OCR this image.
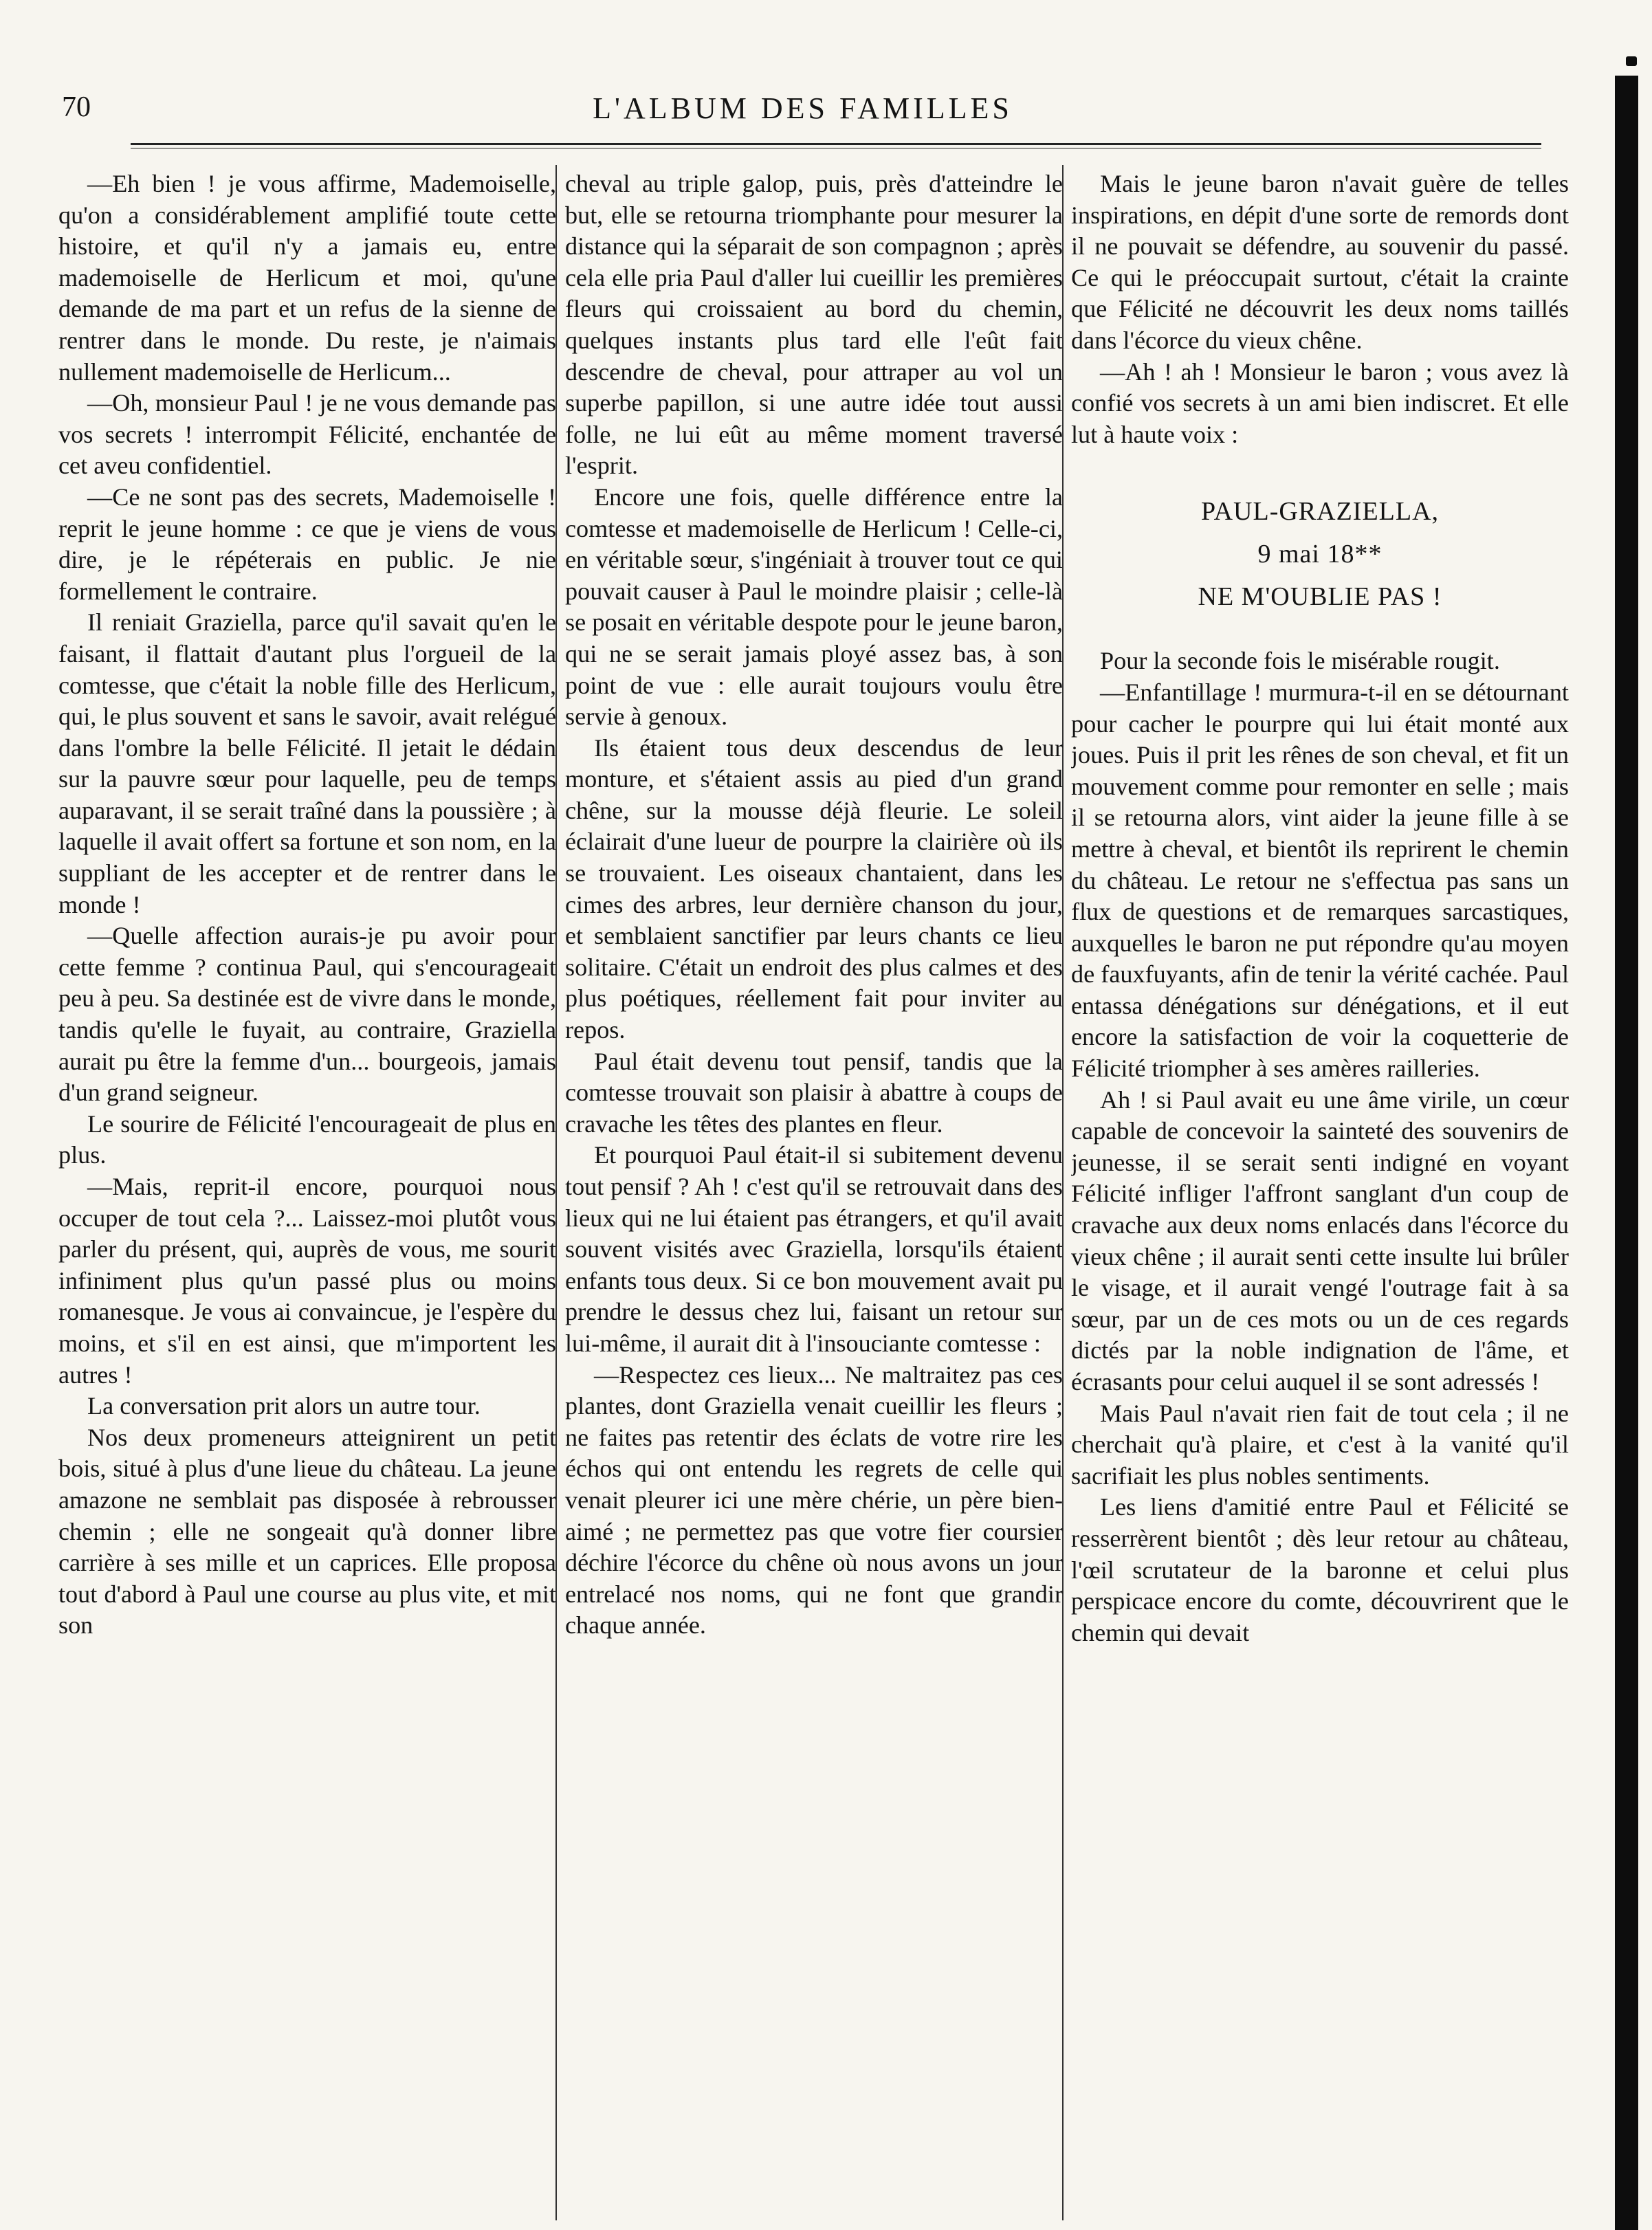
70	L'ALBUM DES FAMILLES

—Eh bien ! je vous affirme, Mademoiselle, qu'on a considérablement amplifié toute cette histoire, et qu'il n'y a jamais eu, entre mademoiselle de Herlicum et moi, qu'une demande de ma part et un refus de la sienne de rentrer dans le monde. Du reste, je n'aimais nullement mademoiselle de Herlicum...

—Oh, monsieur Paul ! je ne vous demande pas vos secrets ! interrompit Félicité, enchantée de cet aveu confidentiel.

—Ce ne sont pas des secrets, Mademoiselle ! reprit le jeune homme : ce que je viens de vous dire, je le répéterais en public. Je nie formellement le contraire.

Il reniait Graziella, parce qu'il savait qu'en le faisant, il flattait d'autant plus l'orgueil de la comtesse, que c'était la noble fille des Herlicum, qui, le plus souvent et sans le savoir, avait relégué dans l'ombre la belle Félicité. Il jetait le dédain sur la pauvre sœur pour laquelle, peu de temps auparavant, il se serait traîné dans la poussière ; à laquelle il avait offert sa fortune et son nom, en la suppliant de les accepter et de rentrer dans le monde !

—Quelle affection aurais-je pu avoir pour cette femme ? continua Paul, qui s'encourageait peu à peu. Sa destinée est de vivre dans le monde, tandis qu'elle le fuyait, au contraire, Graziella aurait pu être la femme d'un... bourgeois, jamais d'un grand seigneur.

Le sourire de Félicité l'encourageait de plus en plus.

—Mais, reprit-il encore, pourquoi nous occuper de tout cela ?... Laissez-moi plutôt vous parler du présent, qui, auprès de vous, me sourit infiniment plus qu'un passé plus ou moins romanesque. Je vous ai convaincue, je l'espère du moins, et s'il en est ainsi, que m'importent les autres !

La conversation prit alors un autre tour.

Nos deux promeneurs atteignirent un petit bois, situé à plus d'une lieue du château. La jeune amazone ne semblait pas disposée à rebrousser chemin ; elle ne songeait qu'à donner libre carrière à ses mille et un caprices. Elle proposa tout d'abord à Paul une course au plus vite, et mit son

cheval au triple galop, puis, près d'atteindre le but, elle se retourna triomphante pour mesurer la distance qui la séparait de son compagnon ; après cela elle pria Paul d'aller lui cueillir les premières fleurs qui croissaient au bord du chemin, quelques instants plus tard elle l'eût fait descendre de cheval, pour attraper au vol un superbe papillon, si une autre idée tout aussi folle, ne lui eût au même moment traversé l'esprit.

Encore une fois, quelle différence entre la comtesse et mademoiselle de Herlicum ! Celle-ci, en véritable sœur, s'ingéniait à trouver tout ce qui pouvait causer à Paul le moindre plaisir ; celle-là se posait en véritable despote pour le jeune baron, qui ne se serait jamais ployé assez bas, à son point de vue : elle aurait toujours voulu être servie à genoux.

Ils étaient tous deux descendus de leur monture, et s'étaient assis au pied d'un grand chêne, sur la mousse déjà fleurie. Le soleil éclairait d'une lueur de pourpre la clairière où ils se trouvaient. Les oiseaux chantaient, dans les cimes des arbres, leur dernière chanson du jour, et semblaient sanctifier par leurs chants ce lieu solitaire. C'était un endroit des plus calmes et des plus poétiques, réellement fait pour inviter au repos.

Paul était devenu tout pensif, tandis que la comtesse trouvait son plaisir à abattre à coups de cravache les têtes des plantes en fleur.

Et pourquoi Paul était-il si subitement devenu tout pensif ? Ah ! c'est qu'il se retrouvait dans des lieux qui ne lui étaient pas étrangers, et qu'il avait souvent visités avec Graziella, lorsqu'ils étaient enfants tous deux. Si ce bon mouvement avait pu prendre le dessus chez lui, faisant un retour sur lui-même, il aurait dit à l'insouciante comtesse :

—Respectez ces lieux... Ne maltraitez pas ces plantes, dont Graziella venait cueillir les fleurs ; ne faites pas retentir des éclats de votre rire les échos qui ont entendu les regrets de celle qui venait pleurer ici une mère chérie, un père bien-aimé ; ne permettez pas que votre fier coursier déchire l'écorce du chêne où nous avons un jour entrelacé nos noms, qui ne font que grandir chaque année.

Mais le jeune baron n'avait guère de telles inspirations, en dépit d'une sorte de remords dont il ne pouvait se défendre, au souvenir du passé. Ce qui le préoccupait surtout, c'était la crainte que Félicité ne découvrit les deux noms taillés dans l'écorce du vieux chêne.

—Ah ! ah ! Monsieur le baron ; vous avez là confié vos secrets à un ami bien indiscret. Et elle lut à haute voix :

PAUL-GRAZIELLA,

9 mai 18**

NE M'OUBLIE PAS !

Pour la seconde fois le misérable rougit.

—Enfantillage ! murmura-t-il en se détournant pour cacher le pourpre qui lui était monté aux joues. Puis il prit les rênes de son cheval, et fit un mouvement comme pour remonter en selle ; mais il se retourna alors, vint aider la jeune fille à se mettre à cheval, et bientôt ils reprirent le chemin du château. Le retour ne s'effectua pas sans un flux de questions et de remarques sarcastiques, auxquelles le baron ne put répondre qu'au moyen de fauxfuyants, afin de tenir la vérité cachée. Paul entassa dénégations sur dénégations, et il eut encore la satisfaction de voir la coquetterie de Félicité triompher à ses amères railleries.

Ah ! si Paul avait eu une âme virile, un cœur capable de concevoir la sainteté des souvenirs de jeunesse, il se serait senti indigné en voyant Félicité infliger l'affront sanglant d'un coup de cravache aux deux noms enlacés dans l'écorce du vieux chêne ; il aurait senti cette insulte lui brûler le visage, et il aurait vengé l'outrage fait à sa sœur, par un de ces mots ou un de ces regards dictés par la noble indignation de l'âme, et écrasants pour celui auquel il se sont adressés !

Mais Paul n'avait rien fait de tout cela ; il ne cherchait qu'à plaire, et c'est à la vanité qu'il sacrifiait les plus nobles sentiments.

Les liens d'amitié entre Paul et Félicité se resserrèrent bientôt ; dès leur retour au château, l'œil scrutateur de la baronne et celui plus perspicace encore du comte, découvrirent que le chemin qui devait
